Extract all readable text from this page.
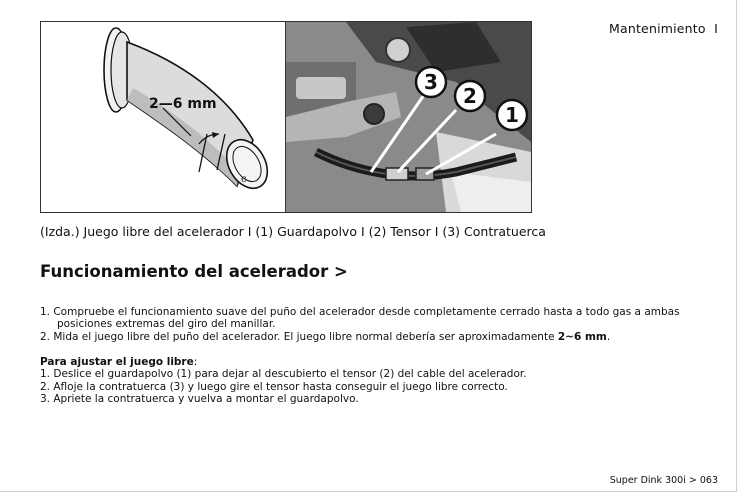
Mantenimiento I
c
2—6 mm
3
2
1
(Izda.) Juego libre del acelerador I (1) Guardapolvo I (2) Tensor I (3) Contratuerca
Funcionamiento del acelerador >

1. Compruebe el funcionamiento suave del puño del acelerador desde completamente cerrado hasta a todo gas a ambas

posiciones extremas del giro del manillar.

2. Mida el juego libre del puño del acelerador. El juego libre normal debería ser aproximadamente 2~6 mm.

Para ajustar el juego libre:

1. Deslice el guardapolvo (1) para dejar al descubierto el tensor (2) del cable del acelerador.

2. Afloje la contratuerca (3) y luego gire el tensor hasta conseguir el juego libre correcto.

3. Apriete la contratuerca y vuelva a montar el guardapolvo.

Super Dink 300i > 063
